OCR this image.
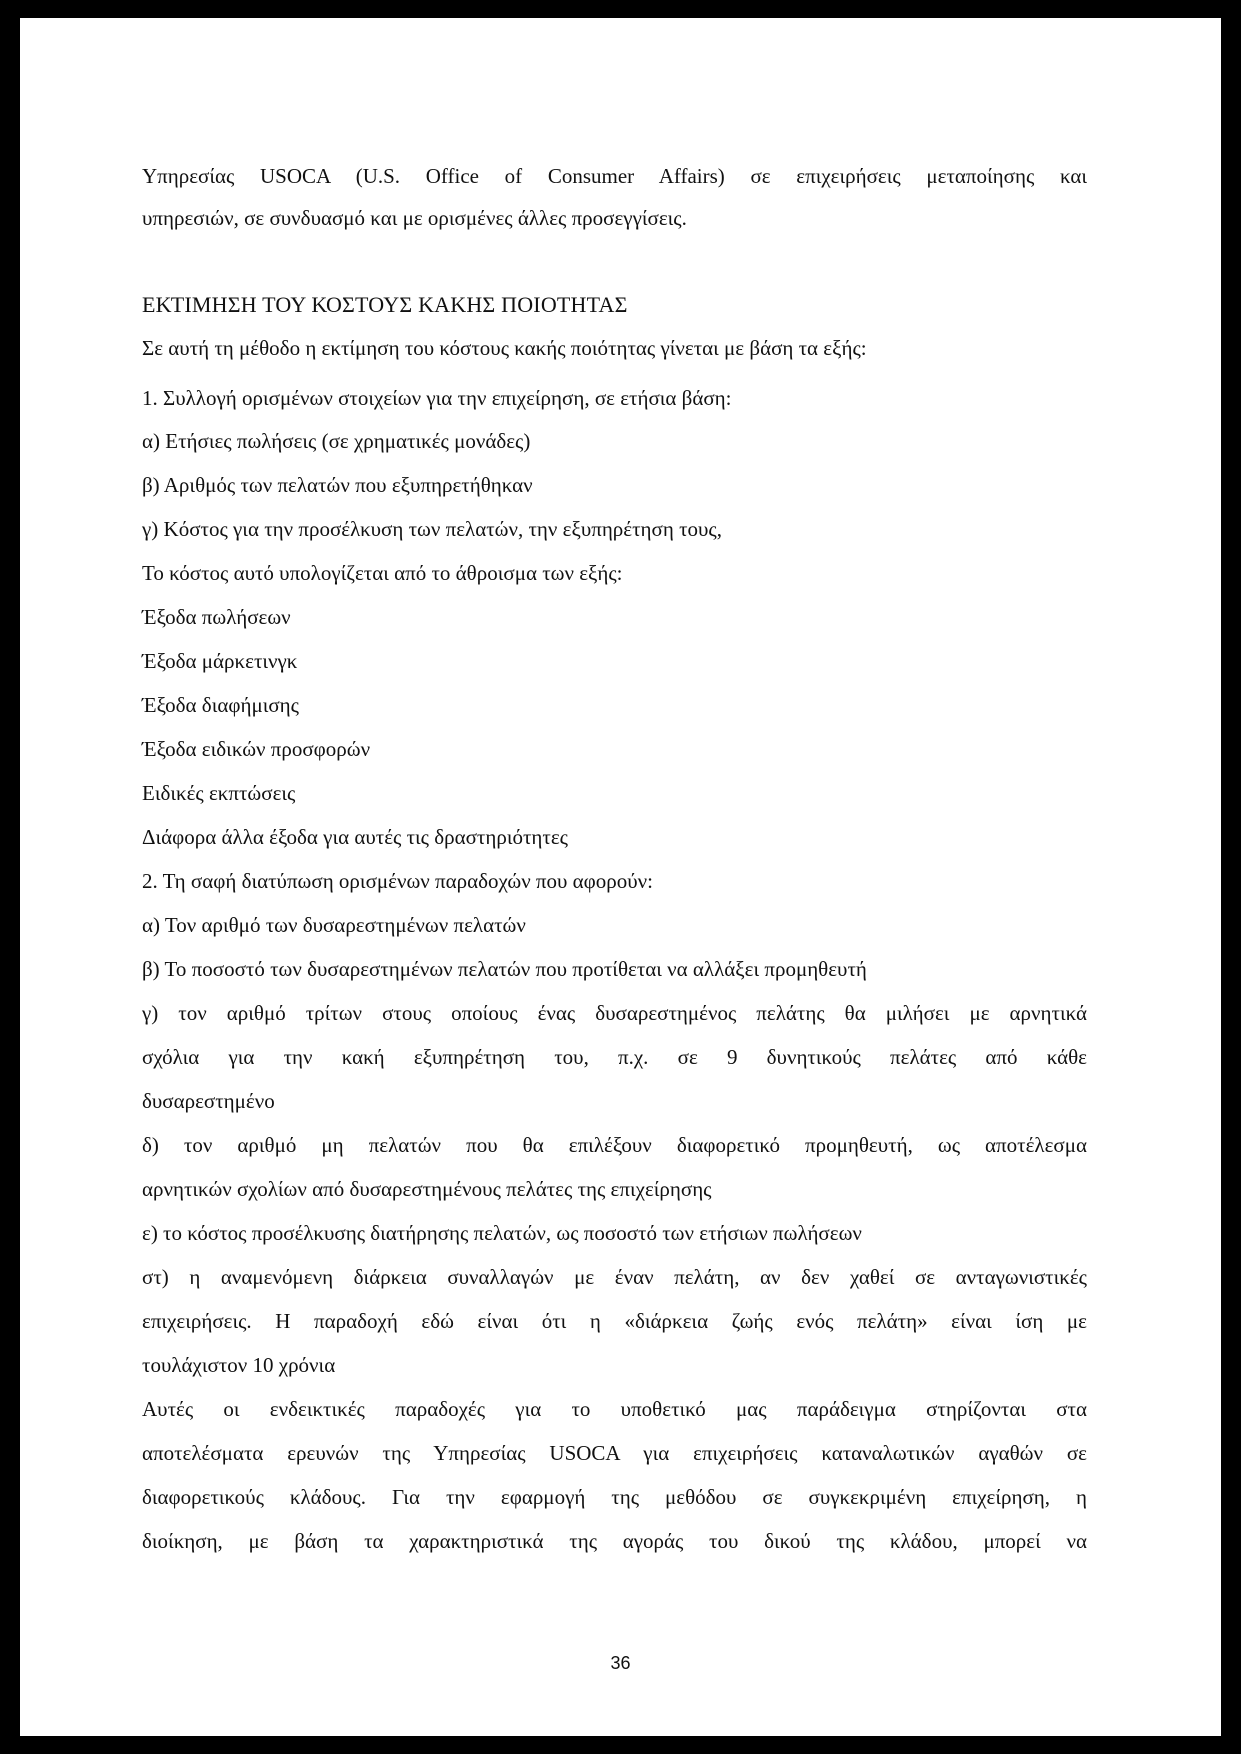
Υπηρεσίας USOCA (U.S. Office of Consumer Affairs) σε επιχειρήσεις μεταποίησης και
υπηρεσιών, σε συνδυασμό και με ορισμένες άλλες προσεγγίσεις.
ΕΚΤΙΜΗΣΗ ΤΟΥ ΚΟΣΤΟΥΣ ΚΑΚΗΣ ΠΟΙΟΤΗΤΑΣ
Σε αυτή τη μέθοδο η εκτίμηση του κόστους κακής ποιότητας γίνεται με βάση τα εξής:
1. Συλλογή ορισμένων στοιχείων για την επιχείρηση, σε ετήσια βάση:
α) Ετήσιες πωλήσεις (σε χρηματικές μονάδες)
β) Αριθμός των πελατών που εξυπηρετήθηκαν
γ) Κόστος για την προσέλκυση των πελατών, την εξυπηρέτηση τους,
Το κόστος αυτό υπολογίζεται από το άθροισμα των εξής:
Έξοδα πωλήσεων
Έξοδα μάρκετινγκ
Έξοδα διαφήμισης
Έξοδα ειδικών προσφορών
Ειδικές εκπτώσεις
Διάφορα άλλα έξοδα για αυτές τις δραστηριότητες
2. Τη σαφή διατύπωση ορισμένων παραδοχών που αφορούν:
α) Τον αριθμό των δυσαρεστημένων πελατών
β) Το ποσοστό των δυσαρεστημένων πελατών που προτίθεται να αλλάξει προμηθευτή
γ) τον αριθμό τρίτων στους οποίους ένας δυσαρεστημένος πελάτης θα μιλήσει με αρνητικά
σχόλια για την κακή εξυπηρέτηση του, π.χ. σε 9 δυνητικούς πελάτες από κάθε
δυσαρεστημένο
δ) τον αριθμό μη πελατών που θα επιλέξουν διαφορετικό προμηθευτή, ως αποτέλεσμα
αρνητικών σχολίων από δυσαρεστημένους πελάτες της επιχείρησης
ε) το κόστος προσέλκυσης διατήρησης πελατών, ως ποσοστό των ετήσιων πωλήσεων
στ) η αναμενόμενη διάρκεια συναλλαγών με έναν πελάτη, αν δεν χαθεί σε ανταγωνιστικές
επιχειρήσεις. Η παραδοχή εδώ είναι ότι η «διάρκεια ζωής ενός πελάτη» είναι ίση με
τουλάχιστον 10 χρόνια
Αυτές οι ενδεικτικές παραδοχές για το υποθετικό μας παράδειγμα στηρίζονται στα
αποτελέσματα ερευνών της Υπηρεσίας USOCA για επιχειρήσεις καταναλωτικών αγαθών σε
διαφορετικούς κλάδους. Για την εφαρμογή της μεθόδου σε συγκεκριμένη επιχείρηση, η
διοίκηση, με βάση τα χαρακτηριστικά της αγοράς του δικού της κλάδου, μπορεί να
36
